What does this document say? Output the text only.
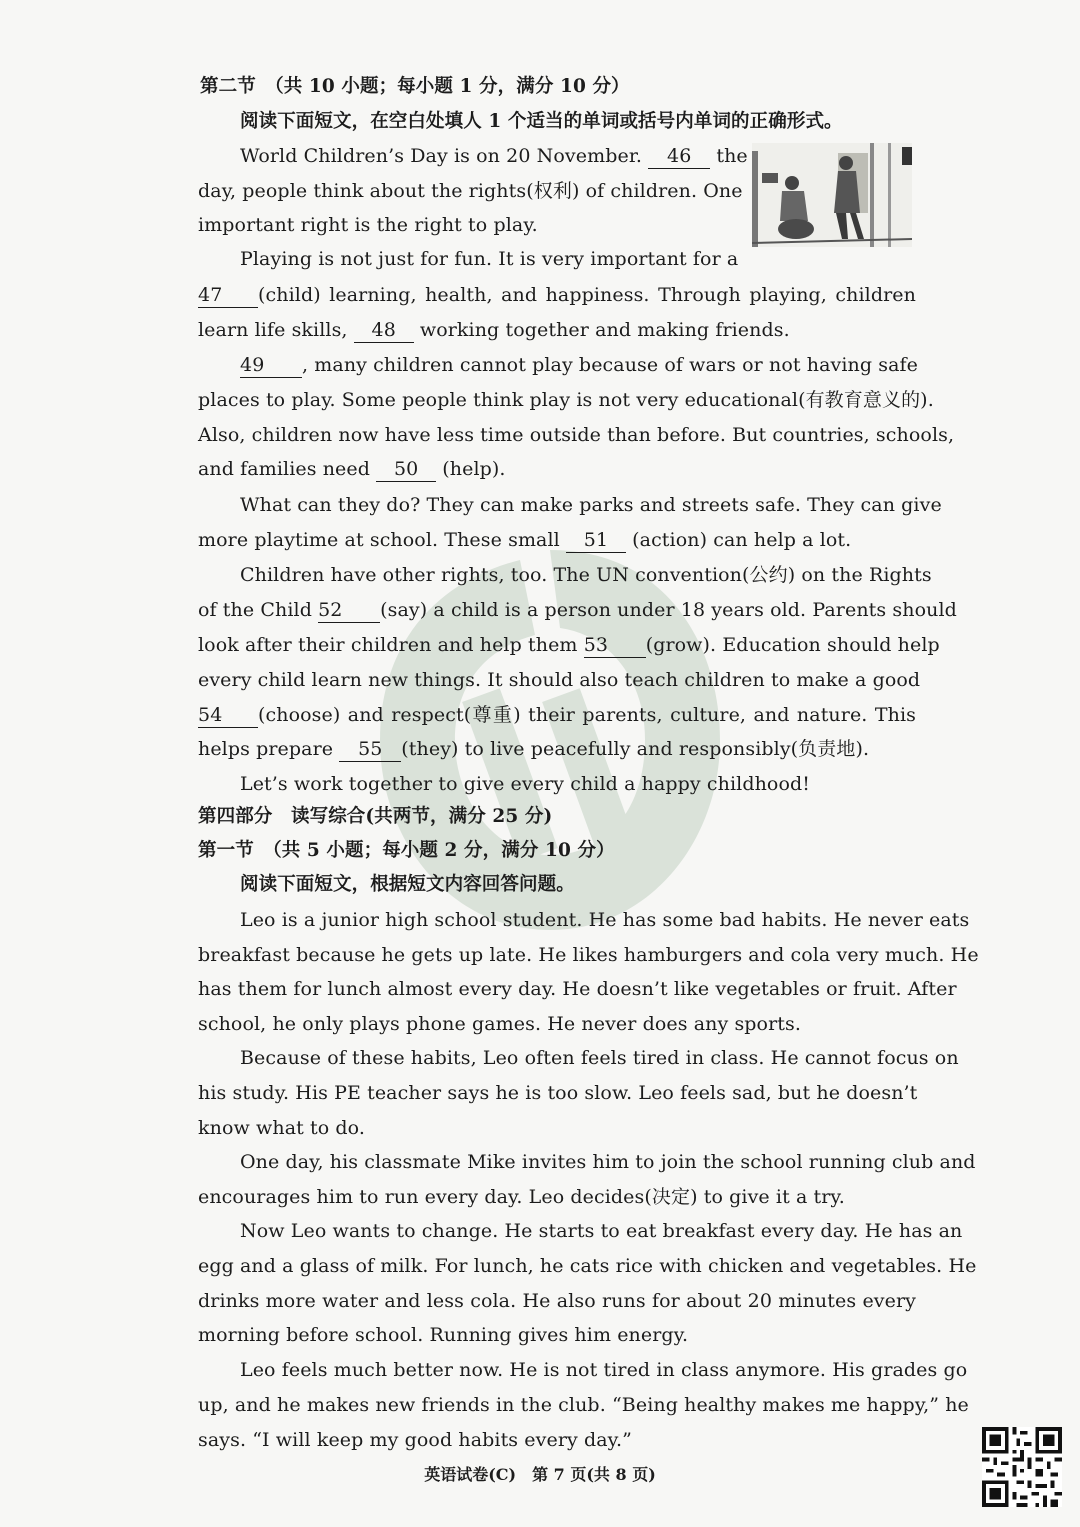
第二节　（共 10 小题；每小题 1 分，满分 10 分）
阅读下面短文，在空白处填人 1 个适当的单词或括号内单词的正确形式。
World Children’s Day is on 20 November. 46 the
day, people think about the rights(权利) of children. One
important right is the right to play.
Playing is not just for fun. It is very important for a
47 (child) learning, health, and happiness. Through playing, children
learn life skills, 48 working together and making friends.
49 , many children cannot play because of wars or not having safe
places to play. Some people think play is not very educational(有教育意义的).
Also, children now have less time outside than before. But countries, schools,
and families need 50 (help).
What can they do? They can make parks and streets safe. They can give
more playtime at school. These small 51 (action) can help a lot.
Children have other rights, too. The UN convention(公约) on the Rights
of the Child 52 (say) a child is a person under 18 years old. Parents should
look after their children and help them 53 (grow). Education should help
every child learn new things. It should also teach children to make a good
54 (choose) and respect(尊重) their parents, culture, and nature. This
helps prepare 55 (they) to live peacefully and responsibly(负责地).
Let’s work together to give every child a happy childhood!
第四部分　读写综合(共两节，满分 25 分)
第一节　（共 5 小题；每小题 2 分，满分 10 分）
阅读下面短文，根据短文内容回答问题。
Leo is a junior high school student. He has some bad habits. He never eats
breakfast because he gets up late. He likes hamburgers and cola very much. He
has them for lunch almost every day. He doesn’t like vegetables or fruit. After
school, he only plays phone games. He never does any sports.
Because of these habits, Leo often feels tired in class. He cannot focus on
his study. His PE teacher says he is too slow. Leo feels sad, but he doesn’t
know what to do.
One day, his classmate Mike invites him to join the school running club and
encourages him to run every day. Leo decides(决定) to give it a try.
Now Leo wants to change. He starts to eat breakfast every day. He has an
egg and a glass of milk. For lunch, he cats rice with chicken and vegetables. He
drinks more water and less cola. He also runs for about 20 minutes every
morning before school. Running gives him energy.
Leo feels much better now. He is not tired in class anymore. His grades go
up, and he makes new friends in the club. “Being healthy makes me happy,” he
says. “I will keep my good habits every day.”
英语试卷(C)　第 7 页(共 8 页)
